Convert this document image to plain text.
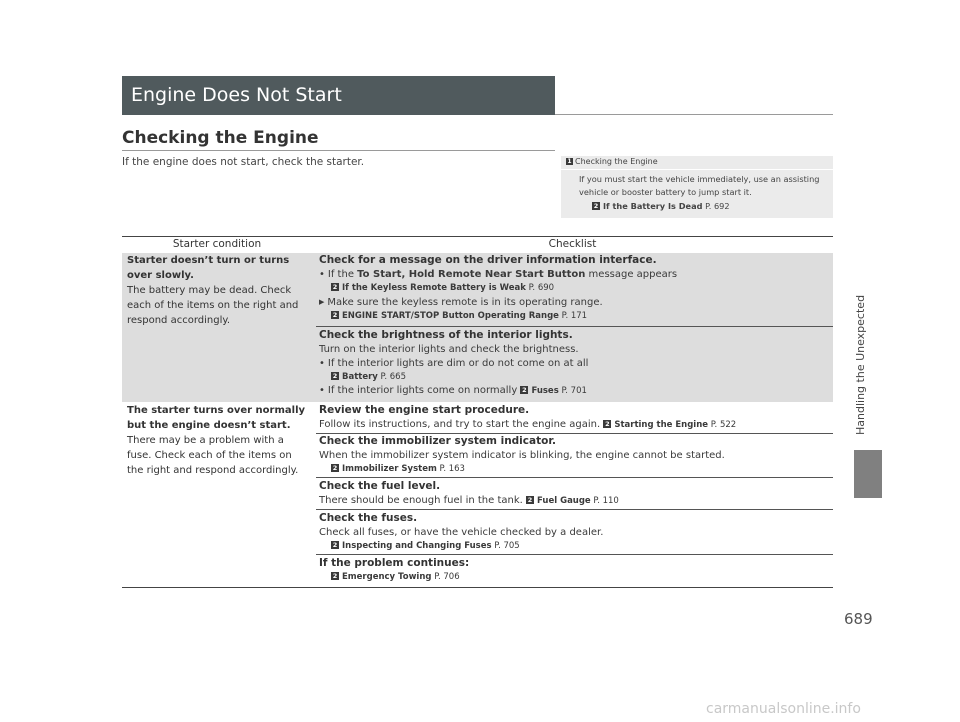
Engine Does Not Start
Checking the Engine
If the engine does not start, check the starter.	1 Checking the Engine
If you must start the vehicle immediately, use an assisting vehicle or booster battery to jump start it.
2 If the Battery Is Dead P. 692
Starter condition	Checklist
Starter doesn’t turn or turns over slowly.
The battery may be dead. Check each of the items on the right and respond accordingly.
Check for a message on the driver information interface.
• If the To Start, Hold Remote Near Start Button message appears
2 If the Keyless Remote Battery is Weak P. 690
▶ Make sure the keyless remote is in its operating range.
2 ENGINE START/STOP Button Operating Range P. 171
Check the brightness of the interior lights.
Turn on the interior lights and check the brightness.
• If the interior lights are dim or do not come on at all
2 Battery P. 665
• If the interior lights come on normally 2 Fuses P. 701
The starter turns over normally but the engine doesn’t start.
There may be a problem with a fuse. Check each of the items on the right and respond accordingly.
Review the engine start procedure.
Follow its instructions, and try to start the engine again. 2 Starting the Engine P. 522
Check the immobilizer system indicator.
When the immobilizer system indicator is blinking, the engine cannot be started.
2 Immobilizer System P. 163
Check the fuel level.
There should be enough fuel in the tank. 2 Fuel Gauge P. 110
Check the fuses.
Check all fuses, or have the vehicle checked by a dealer.
2 Inspecting and Changing Fuses P. 705
If the problem continues:
2 Emergency Towing P. 706
Handling the Unexpected
689
carmanualsonline.info
